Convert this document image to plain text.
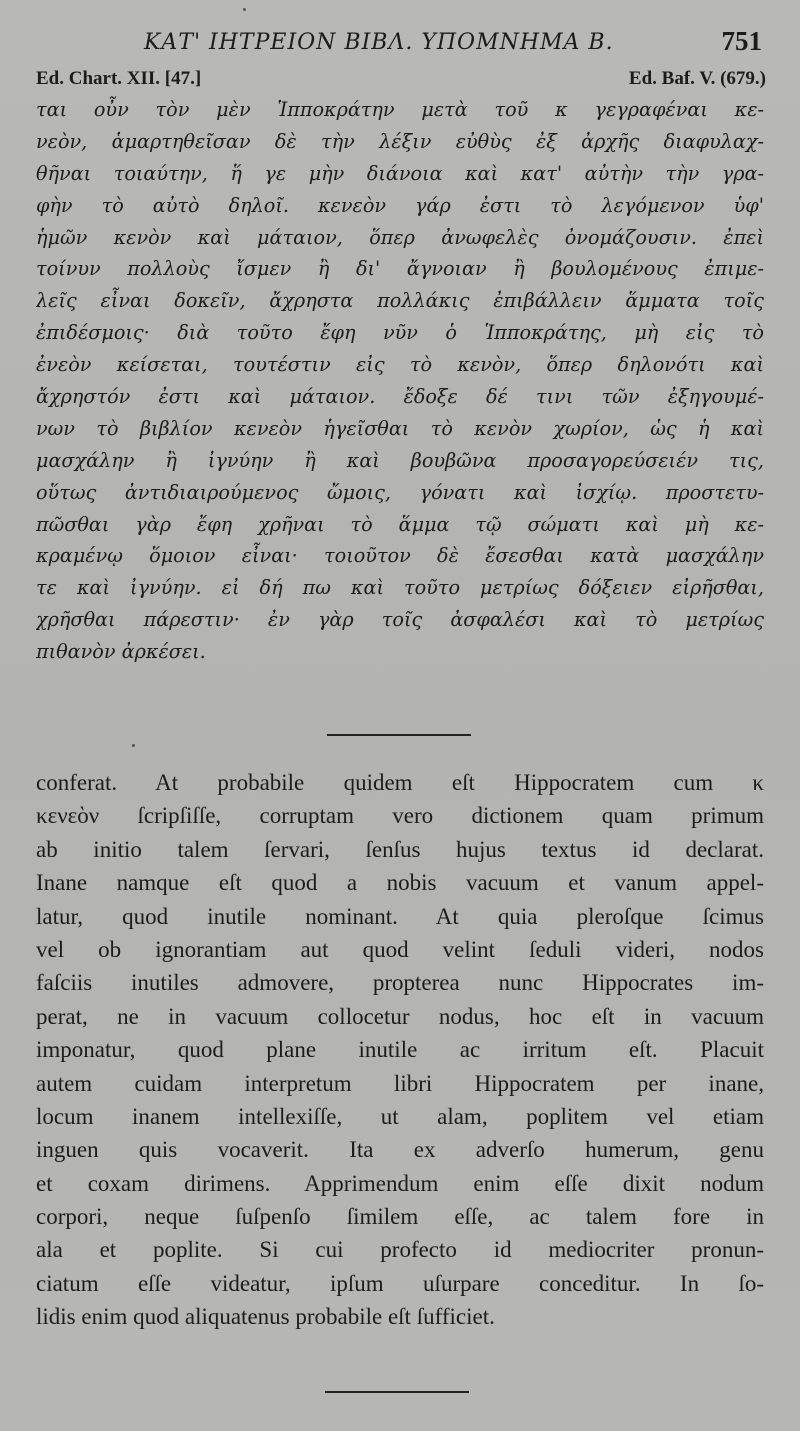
ΚΑΤ' ΙΗΤΡΕΙΟΝ ΒΙΒΛ. ΥΠΟΜΝΗΜΑ Β.	751
Ed. Chart. XII. [47.]	Ed. Baf. V. (679.)
ται οὖν τὸν μὲν Ἱπποκράτην μετὰ τοῦ κ γεγραφέναι κε-
νεὸν, ἁμαρτηθεῖσαν δὲ τὴν λέξιν εὐθὺς ἐξ ἀρχῆς διαφυλαχ-
θῆναι τοιαύτην, ἥ γε μὴν διάνοια καὶ κατ' αὐτὴν τὴν γρα-
φὴν τὸ αὐτὸ δηλοῖ. κενεὸν γάρ ἐστι τὸ λεγόμενον ὑφ'
ἡμῶν κενὸν καὶ μάταιον, ὅπερ ἀνωφελὲς ὀνομάζουσιν. ἐπεὶ
τοίνυν πολλοὺς ἴσμεν ἢ δι' ἄγνοιαν ἢ βουλομένους ἐπιμε-
λεῖς εἶναι δοκεῖν, ἄχρηστα πολλάκις ἐπιβάλλειν ἅμματα τοῖς
ἐπιδέσμοις· διὰ τοῦτο ἔφη νῦν ὁ Ἱπποκράτης, μὴ εἰς τὸ
ἐνεὸν κείσεται, τουτέστιν εἰς τὸ κενὸν, ὅπερ δηλονότι καὶ
ἄχρηστόν ἐστι καὶ μάταιον. ἔδοξε δέ τινι τῶν ἐξηγουμέ-
νων τὸ βιβλίον κενεὸν ἡγεῖσθαι τὸ κενὸν χωρίον, ὡς ἡ καὶ
μασχάλην ἢ ἰγνύην ἢ καὶ βουβῶνα προσαγορεύσειέν τις,
οὕτως ἀντιδιαιρούμενος ὤμοις, γόνατι καὶ ἰσχίῳ. προστετυ-
πῶσθαι γὰρ ἔφη χρῆναι τὸ ἅμμα τῷ σώματι καὶ μὴ κε-
κραμένῳ ὅμοιον εἶναι· τοιοῦτον δὲ ἔσεσθαι κατὰ μασχάλην
τε καὶ ἰγνύην. εἰ δή πω καὶ τοῦτο μετρίως δόξειεν εἰρῆσθαι,
χρῆσθαι πάρεστιν· ἐν γὰρ τοῖς ἀσφαλέσι καὶ τὸ μετρίως
πιθανὸν ἀρκέσει.
conferat. At probabile quidem eſt Hippocratem cum κ
κενεὸν ſcripſiſſe, corruptam vero dictionem quam primum
ab initio talem ſervari, ſenſus hujus textus id declarat.
Inane namque eſt quod a nobis vacuum et vanum appel-
latur, quod inutile nominant. At quia pleroſque ſcimus
vel ob ignorantiam aut quod velint ſeduli videri, nodos
faſciis inutiles admovere, propterea nunc Hippocrates im-
perat, ne in vacuum collocetur nodus, hoc eſt in vacuum
imponatur, quod plane inutile ac irritum eſt. Placuit
autem cuidam interpretum libri Hippocratem per inane,
locum inanem intellexiſſe, ut alam, poplitem vel etiam
inguen quis vocaverit. Ita ex adverſo humerum, genu
et coxam dirimens. Apprimendum enim eſſe dixit nodum
corpori, neque ſuſpenſo ſimilem eſſe, ac talem fore in
ala et poplite. Si cui profecto id mediocriter pronun-
ciatum eſſe videatur, ipſum uſurpare conceditur. In ſo-
lidis enim quod aliquatenus probabile eſt ſufficiet.
